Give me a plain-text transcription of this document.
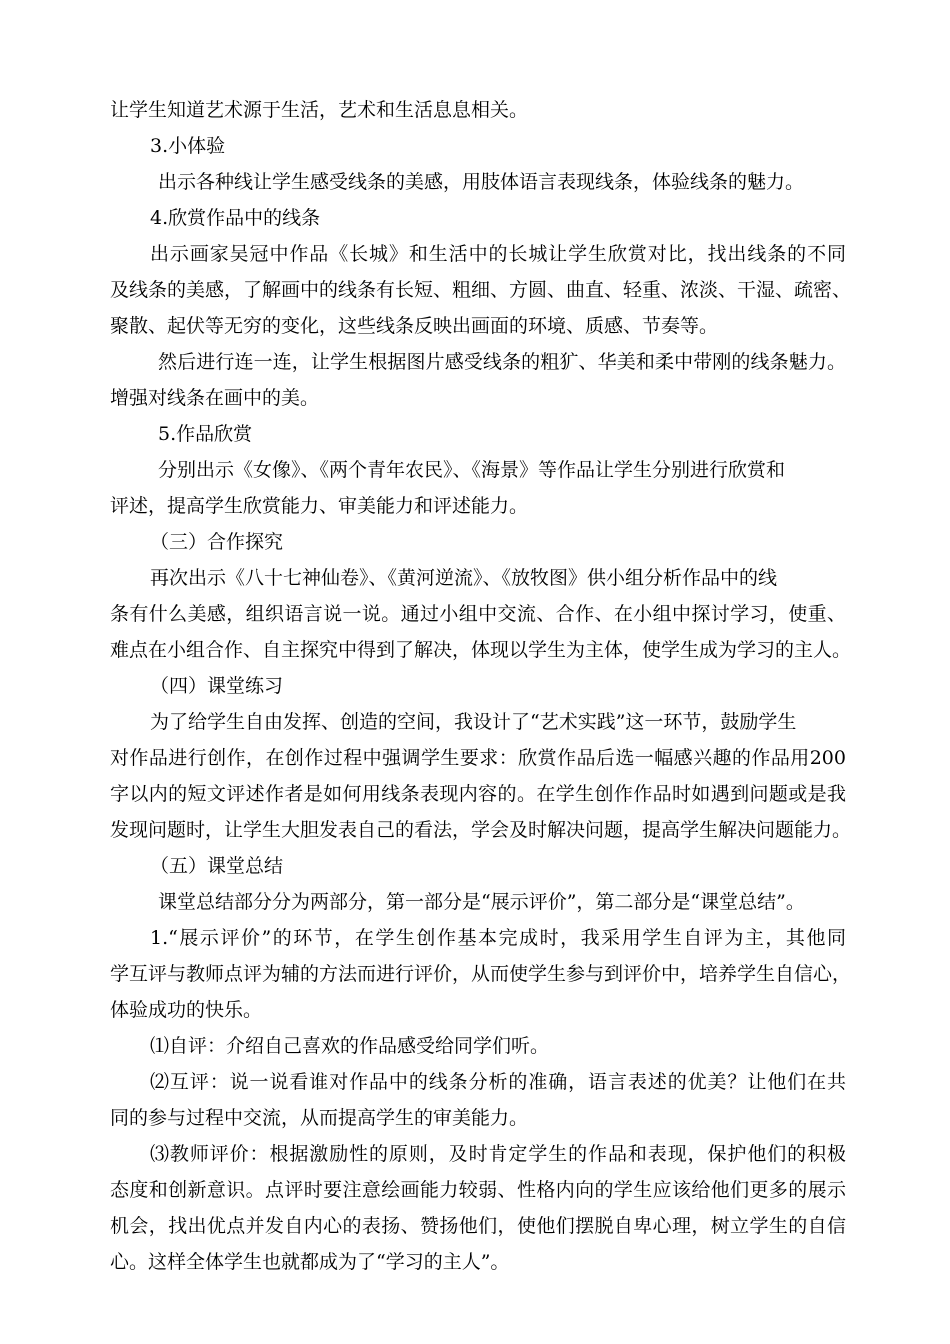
让学生知道艺术源于生活，艺术和生活息息相关。
3.小体验
出示各种线让学生感受线条的美感，用肢体语言表现线条，体验线条的魅力。
4.欣赏作品中的线条
出示画家吴冠中作品《长城》和生活中的长城让学生欣赏对比，找出线条的不同
及线条的美感，了解画中的线条有长短、粗细、方圆、曲直、轻重、浓淡、干湿、疏密、
聚散、起伏等无穷的变化，这些线条反映出画面的环境、质感、节奏等。
然后进行连一连，让学生根据图片感受线条的粗犷、华美和柔中带刚的线条魅力。
增强对线条在画中的美。
5.作品欣赏
分别出示《女像》、《两个青年农民》、《海景》等作品让学生分别进行欣赏和
评述，提高学生欣赏能力、审美能力和评述能力。
（三）合作探究
再次出示《八十七神仙卷》、《黄河逆流》、《放牧图》供小组分析作品中的线
条有什么美感，组织语言说一说。通过小组中交流、合作、在小组中探讨学习，使重、
难点在小组合作、自主探究中得到了解决，体现以学生为主体，使学生成为学习的主人。
（四）课堂练习
为了给学生自由发挥、创造的空间，我设计了“艺术实践”这一环节，鼓励学生
对作品进行创作，在创作过程中强调学生要求：欣赏作品后选一幅感兴趣的作品用200
字以内的短文评述作者是如何用线条表现内容的。在学生创作作品时如遇到问题或是我
发现问题时，让学生大胆发表自己的看法，学会及时解决问题，提高学生解决问题能力。
（五）课堂总结
课堂总结部分分为两部分，第一部分是“展示评价”，第二部分是“课堂总结”。
1.“展示评价”的环节，在学生创作基本完成时，我采用学生自评为主，其他同
学互评与教师点评为辅的方法而进行评价，从而使学生参与到评价中，培养学生自信心，
体验成功的快乐。
⑴自评：介绍自己喜欢的作品感受给同学们听。
⑵互评：说一说看谁对作品中的线条分析的准确，语言表述的优美？让他们在共
同的参与过程中交流，从而提高学生的审美能力。
⑶教师评价：根据激励性的原则，及时肯定学生的作品和表现，保护他们的积极
态度和创新意识。点评时要注意绘画能力较弱、性格内向的学生应该给他们更多的展示
机会，找出优点并发自内心的表扬、赞扬他们，使他们摆脱自卑心理，树立学生的自信
心。这样全体学生也就都成为了“学习的主人”。
